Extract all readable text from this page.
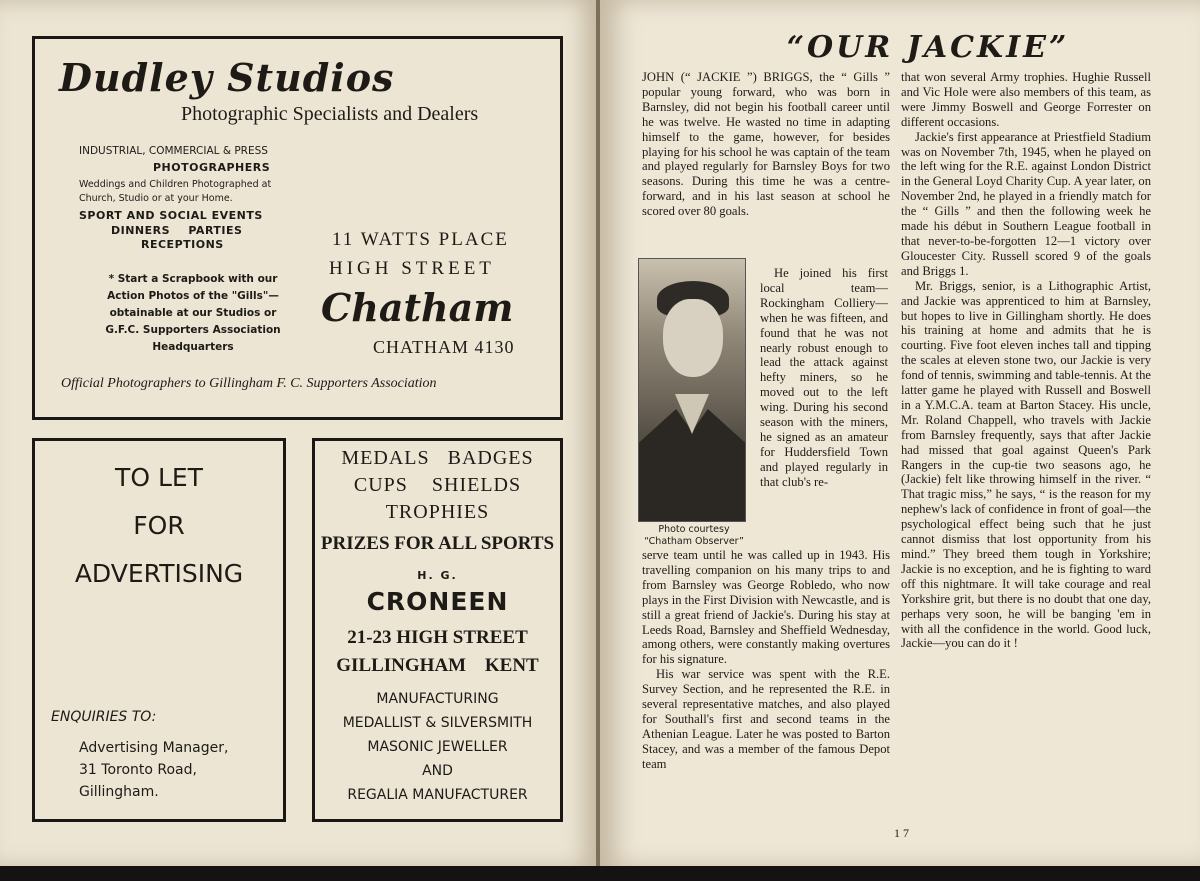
Dudley Studios
Photographic Specialists and Dealers
INDUSTRIAL, COMMERCIAL & PRESS
PHOTOGRAPHERS
Weddings and Children Photographed at
Church, Studio or at your Home.
SPORT AND SOCIAL EVENTS
DINNERS PARTIES
RECEPTIONS
* Start a Scrapbook with our
Action Photos of the "Gills"—
obtainable at our Studios or
G.F.C. Supporters Association
Headquarters
11 WATTS PLACE
HIGH STREET
Chatham
CHATHAM 4130
Official Photographers to Gillingham F. C. Supporters Association
TO LET
FOR
ADVERTISING
ENQUIRIES TO:
Advertising Manager,
31 Toronto Road,
Gillingham.
MEDALS BADGES
CUPS SHIELDS
TROPHIES
PRIZES FOR ALL SPORTS
H. G.
CRONEEN
21-23 HIGH STREET
GILLINGHAM KENT
MANUFACTURING
MEDALLIST & SILVERSMITH
MASONIC JEWELLER
AND
REGALIA MANUFACTURER
“OUR JACKIE”

JOHN (“ JACKIE ”) BRIGGS, the “ Gills ” popular young forward, who was born in Barnsley, did not begin his football career until he was twelve. He wasted no time in adapting himself to the game, however, for besides playing for his school he was captain of the team and played regularly for Barnsley Boys for two seasons. During this time he was a centre-forward, and in his last season at school he scored over 80 goals.

Photo courtesy
“Chatham Observer”

He joined his first local team—Rockingham Colliery—when he was fifteen, and found that he was not nearly robust enough to lead the attack against hefty miners, so he moved out to the left wing. During his second season with the miners, he signed as an amateur for Huddersfield Town and played regularly in that club's re-

serve team until he was called up in 1943. His travelling companion on his many trips to and from Barnsley was George Robledo, who now plays in the First Division with Newcastle, and is still a great friend of Jackie's. During his stay at Leeds Road, Barnsley and Sheffield Wednesday, among others, were constantly making overtures for his signature.

His war service was spent with the R.E. Survey Section, and he represented the R.E. in several representative matches, and also played for Southall's first and second teams in the Athenian League. Later he was posted to Barton Stacey, and was a member of the famous Depot team

that won several Army trophies. Hughie Russell and Vic Hole were also members of this team, as were Jimmy Boswell and George Forrester on different occasions.

Jackie's first appearance at Priestfield Stadium was on November 7th, 1945, when he played on the left wing for the R.E. against London District in the General Loyd Charity Cup. A year later, on November 2nd, he played in a friendly match for the “ Gills ” and then the following week he made his début in Southern League football in that never-to-be-forgotten 12—1 victory over Gloucester City. Russell scored 9 of the goals and Briggs 1.

Mr. Briggs, senior, is a Lithographic Artist, and Jackie was apprenticed to him at Barnsley, but hopes to live in Gillingham shortly. He does his training at home and admits that he is courting. Five foot eleven inches tall and tipping the scales at eleven stone two, our Jackie is very fond of tennis, swimming and table-tennis. At the latter game he played with Russell and Boswell in a Y.M.C.A. team at Barton Stacey. His uncle, Mr. Roland Chappell, who travels with Jackie from Barnsley frequently, says that after Jackie had missed that goal against Queen's Park Rangers in the cup-tie two seasons ago, he (Jackie) felt like throwing himself in the river. “ That tragic miss,” he says, “ is the reason for my nephew's lack of confidence in front of goal—the psychological effect being such that he just cannot dismiss that lost opportunity from his mind.” They breed them tough in Yorkshire; Jackie is no exception, and he is fighting to ward off this nightmare. It will take courage and real Yorkshire grit, but there is no doubt that one day, perhaps very soon, he will be banging 'em in with all the confidence in the world. Good luck, Jackie—you can do it !

17
